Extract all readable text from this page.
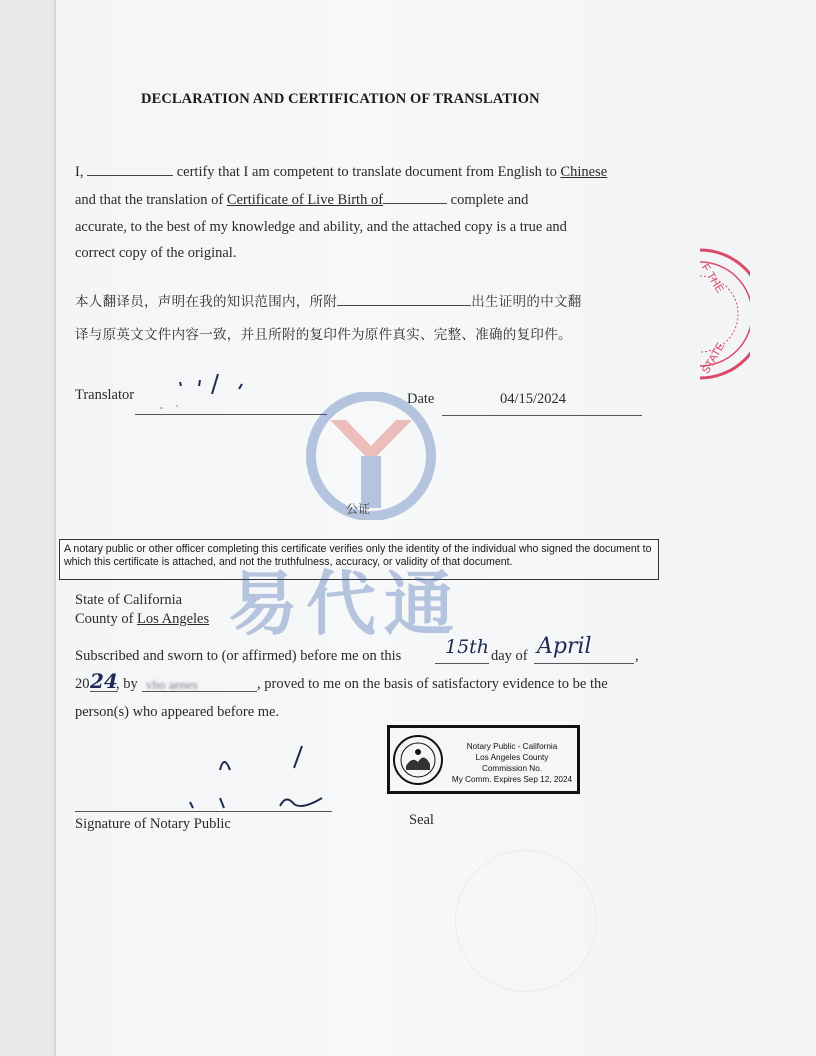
DECLARATION AND CERTIFICATION OF TRANSLATION
I,	certify that I am competent to translate document from English to Chinese
and that the translation of Certificate of Live Birth of	complete and
accurate, to the best of my knowledge and ability, and the attached copy is a true and
correct copy of the original.
本人翻译员，声明在我的知识范围内，所附	出生证明的中文翻
译与原英文文件内容一致，并且所附的复印件为原件真实、完整、准确的复印件。
Translator	Date	04/15/2024
公证
A notary public or other officer completing this certificate verifies only the identity of the individual who signed the document to which this certificate is attached, and not the truthfulness, accuracy, or validity of that document.
易代通
State of California
County of Los Angeles
Subscribed and sworn to (or affirmed) before me on this 15th day of April	,
20 24
, by vho aenes	, proved to me on the basis of satisfactory evidence to be the
person(s) who appeared before me.
Signature of Notary Public

Notary Public - California
Los Angeles County
Commission No.
My Comm. Expires Sep 12, 2024
Seal
F THE
STATE
